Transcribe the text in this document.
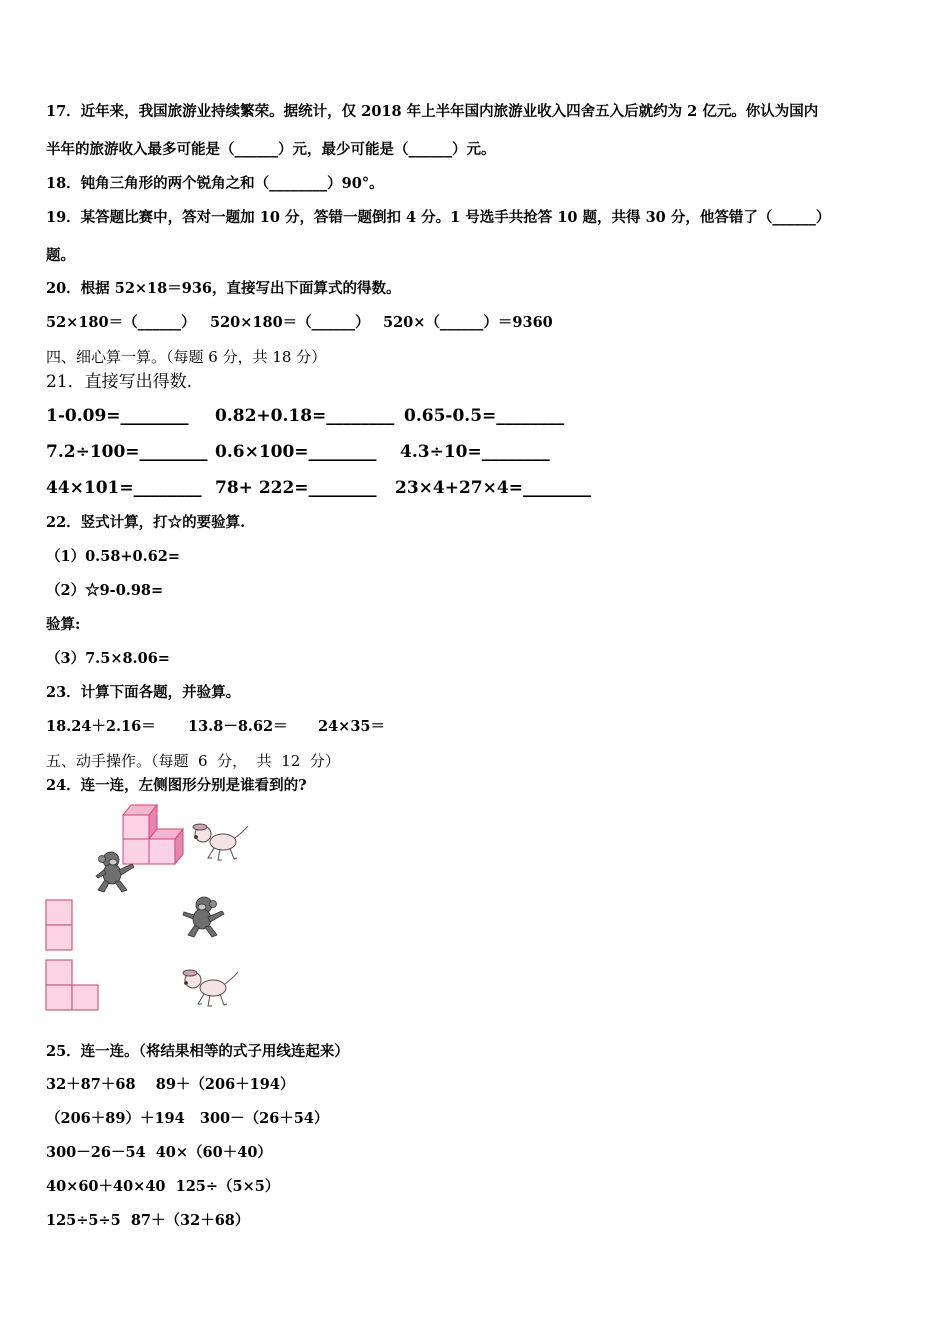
17．近年来，我国旅游业持续繁荣。据统计，仅 2018 年上半年国内旅游业收入四舍五入后就约为 2 亿元。你认为国内
半年的旅游收入最多可能是（______）元，最少可能是（______）元。
18．钝角三角形的两个锐角之和（________）90°。
19．某答题比赛中，答对一题加 10 分，答错一题倒扣 4 分。1 号选手共抢答 10 题，共得 30 分，他答错了（______）
题。
20．根据 52×18＝936，直接写出下面算式的得数。
52×180＝（______） 520×180＝（______） 520×（______）＝9360
四、细心算一算。（每题 6 分，共 18 分）
21．直接写出得数.
1-0.09=________ 0.82+0.18=________ 0.65-0.5=________
7.2÷100=________ 0.6×100=________ 4.3÷10=________
44×101=________ 78+ 222=________ 23×4+27×4=________
22．竖式计算，打☆的要验算.
（1）0.58+0.62=
（2）☆9-0.98=
验算:
（3）7.5×8.06=
23．计算下面各题，并验算。
18.24＋2.16＝ 13.8－8.62＝ 24×35＝
五、动手操作。（每题  6  分，  共  12  分）
24．连一连，左侧图形分别是谁看到的?
25．连一连。（将结果相等的式子用线连起来）
32＋87＋68    89＋（206＋194）
（206＋89）＋194   300－（26＋54）
300－26－54  40×（60＋40）
40×60＋40×40  125÷（5×5）
125÷5÷5  87＋（32＋68）
